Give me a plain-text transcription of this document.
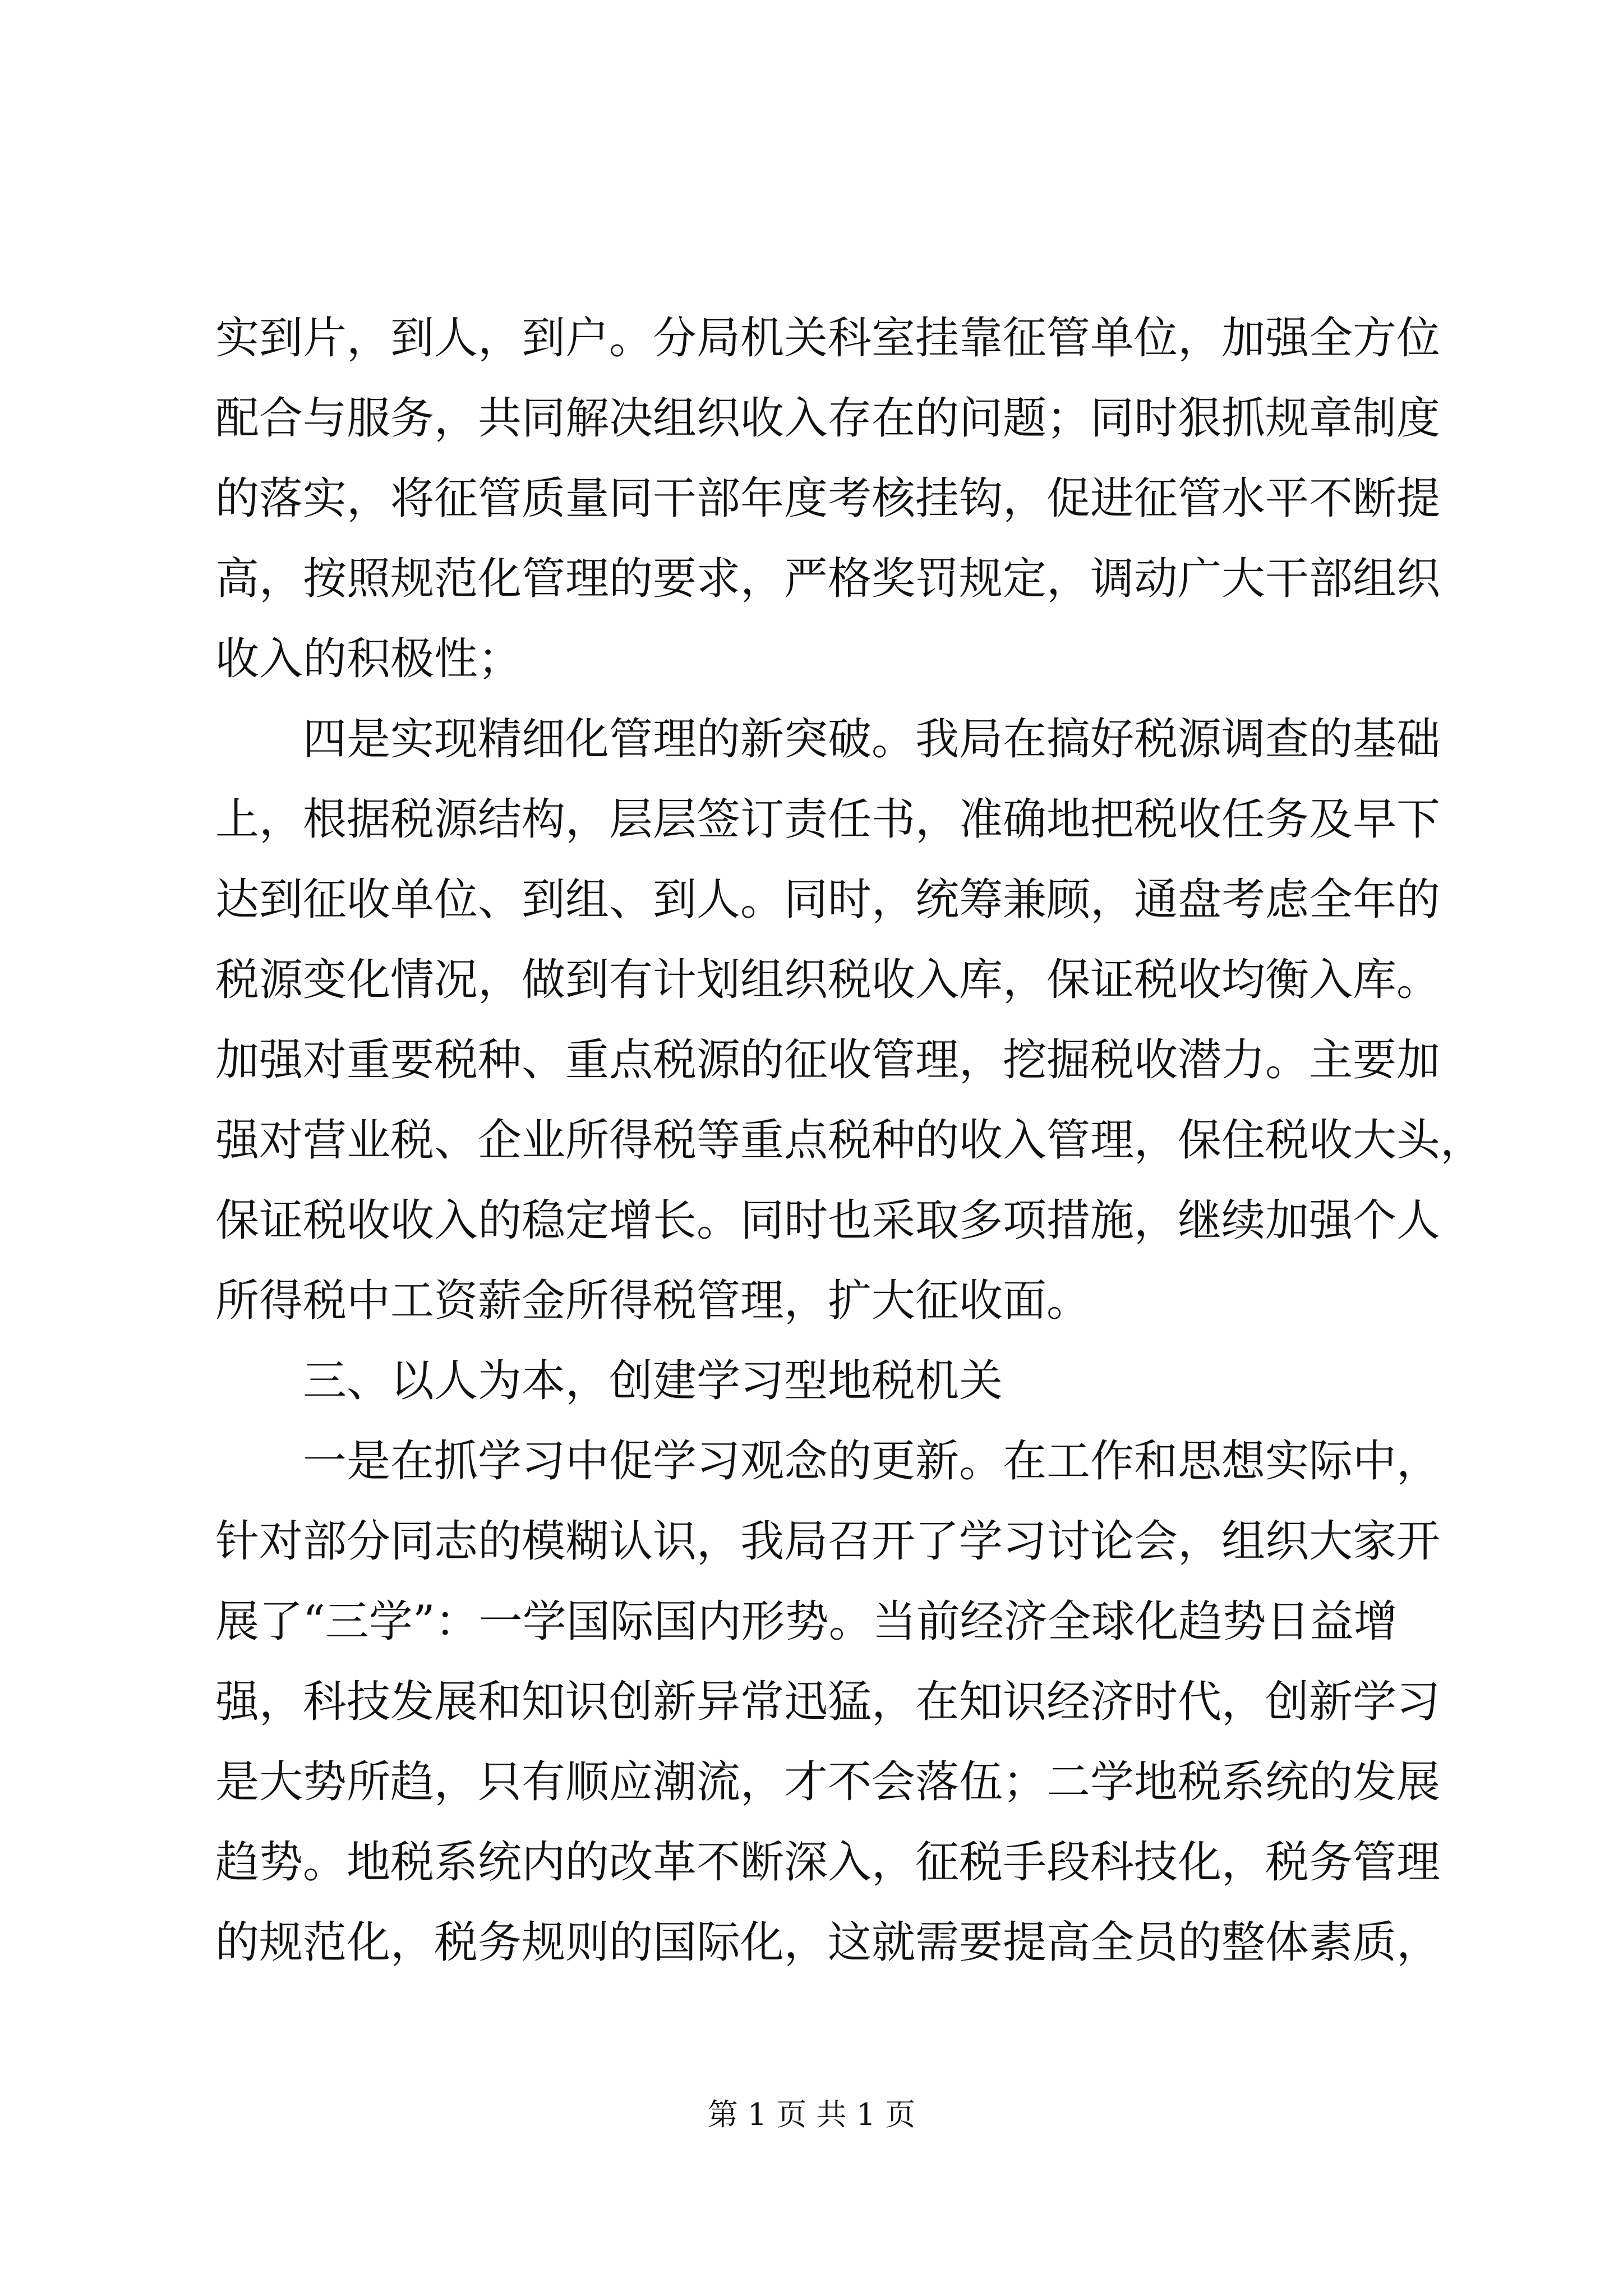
实到片，到人，到户。分局机关科室挂靠征管单位，加强全方位
配合与服务，共同解决组织收入存在的问题；同时狠抓规章制度
的落实，将征管质量同干部年度考核挂钩，促进征管水平不断提
高，按照规范化管理的要求，严格奖罚规定，调动广大干部组织
收入的积极性；
四是实现精细化管理的新突破。我局在搞好税源调查的基础
上，根据税源结构，层层签订责任书，准确地把税收任务及早下
达到征收单位、到组、到人。同时，统筹兼顾，通盘考虑全年的
税源变化情况，做到有计划组织税收入库，保证税收均衡入库。
加强对重要税种、重点税源的征收管理，挖掘税收潜力。主要加
强对营业税、企业所得税等重点税种的收入管理，保住税收大头，
保证税收收入的稳定增长。同时也采取多项措施，继续加强个人
所得税中工资薪金所得税管理，扩大征收面。
三、以人为本，创建学习型地税机关
一是在抓学习中促学习观念的更新。在工作和思想实际中，
针对部分同志的模糊认识，我局召开了学习讨论会，组织大家开
展了“三学”：一学国际国内形势。当前经济全球化趋势日益增
强，科技发展和知识创新异常迅猛，在知识经济时代，创新学习
是大势所趋，只有顺应潮流，才不会落伍；二学地税系统的发展
趋势。地税系统内的改革不断深入，征税手段科技化，税务管理
的规范化，税务规则的国际化，这就需要提高全员的整体素质，
第 1 页 共 1 页
